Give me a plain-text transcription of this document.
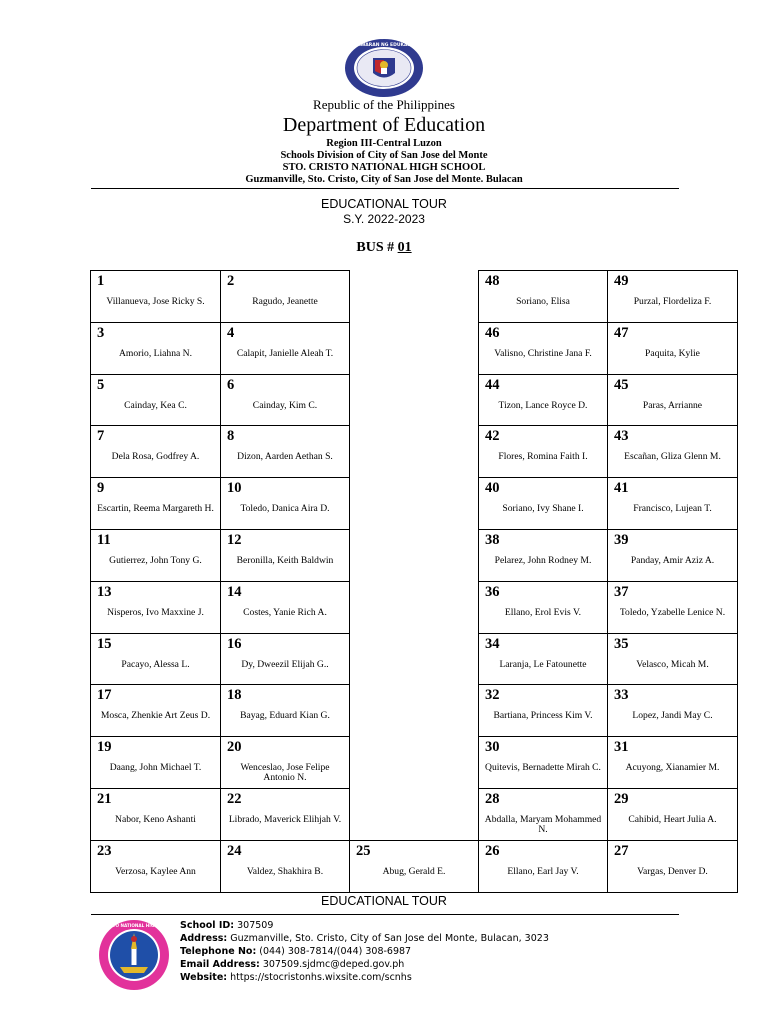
KAGAWARAN NG EDUKASYON
Republic of the Philippines
Department of Education
Region III-Central Luzon
Schools Division of City of San Jose del Monte
STO. CRISTO NATIONAL HIGH SCHOOL
Guzmanville, Sto. Cristo, City of San Jose del Monte. Bulacan
EDUCATIONAL TOUR
S.Y. 2022-2023
BUS # 01
1
Villanueva, Jose Ricky S.
2
Ragudo, Jeanette
3
Amorio, Liahna N.
4
Calapit, Janielle Aleah T.
5
Cainday, Kea C.
6
Cainday, Kim C.
7
Dela Rosa, Godfrey A.
8
Dizon, Aarden Aethan S.
9
Escartin, Reema Margareth H.
10
Toledo, Danica Aira D.
11
Gutierrez, John Tony G.
12
Beronilla, Keith Baldwin
13
Nisperos, Ivo Maxxine J.
14
Costes, Yanie Rich A.
15
Pacayo, Alessa L.
16
Dy, Dweezil Elijah G..
17
Mosca, Zhenkie Art Zeus D.
18
Bayag, Eduard Kian G.
19
Daang, John Michael T.
20
Wenceslao, Jose Felipe Antonio N.
21
Nabor, Keno Ashanti
22
Librado, Maverick Elihjah V.
23
Verzosa, Kaylee Ann
24
Valdez, Shakhira B.
25
Abug, Gerald E.
26
Ellano, Earl Jay V.
27
Vargas, Denver D.
28
Abdalla, Maryam Mohammed N.
29
Cahibid, Heart Julia A.
30
Quitevis, Bernadette Mirah C.
31
Acuyong, Xianamier M.
32
Bartiana, Princess Kim V.
33
Lopez, Jandi May C.
34
Laranja, Le Fatounette
35
Velasco, Micah M.
36
Ellano, Erol Evis V.
37
Toledo, Yzabelle Lenice N.
38
Pelarez, John Rodney M.
39
Panday, Amir Aziz A.
40
Soriano, Ivy Shane I.
41
Francisco, Lujean T.
42
Flores, Romina Faith I.
43
Escañan, Gliza Glenn M.
44
Tizon, Lance Royce D.
45
Paras, Arrianne
46
Valisno, Christine Jana F.
47
Paquita, Kylie
48
Soriano, Elisa
49
Purzal, Flordeliza F.
EDUCATIONAL TOUR
STO. CRISTO NATIONAL HIGH SCHOOL School ID: 307509
Address: Guzmanville, Sto. Cristo, City of San Jose del Monte, Bulacan, 3023
Telephone No: (044) 308-7814/(044) 308-6987
Email Address: 307509.sjdmc@deped.gov.ph
Website: https://stocristonhs.wixsite.com/scnhs
